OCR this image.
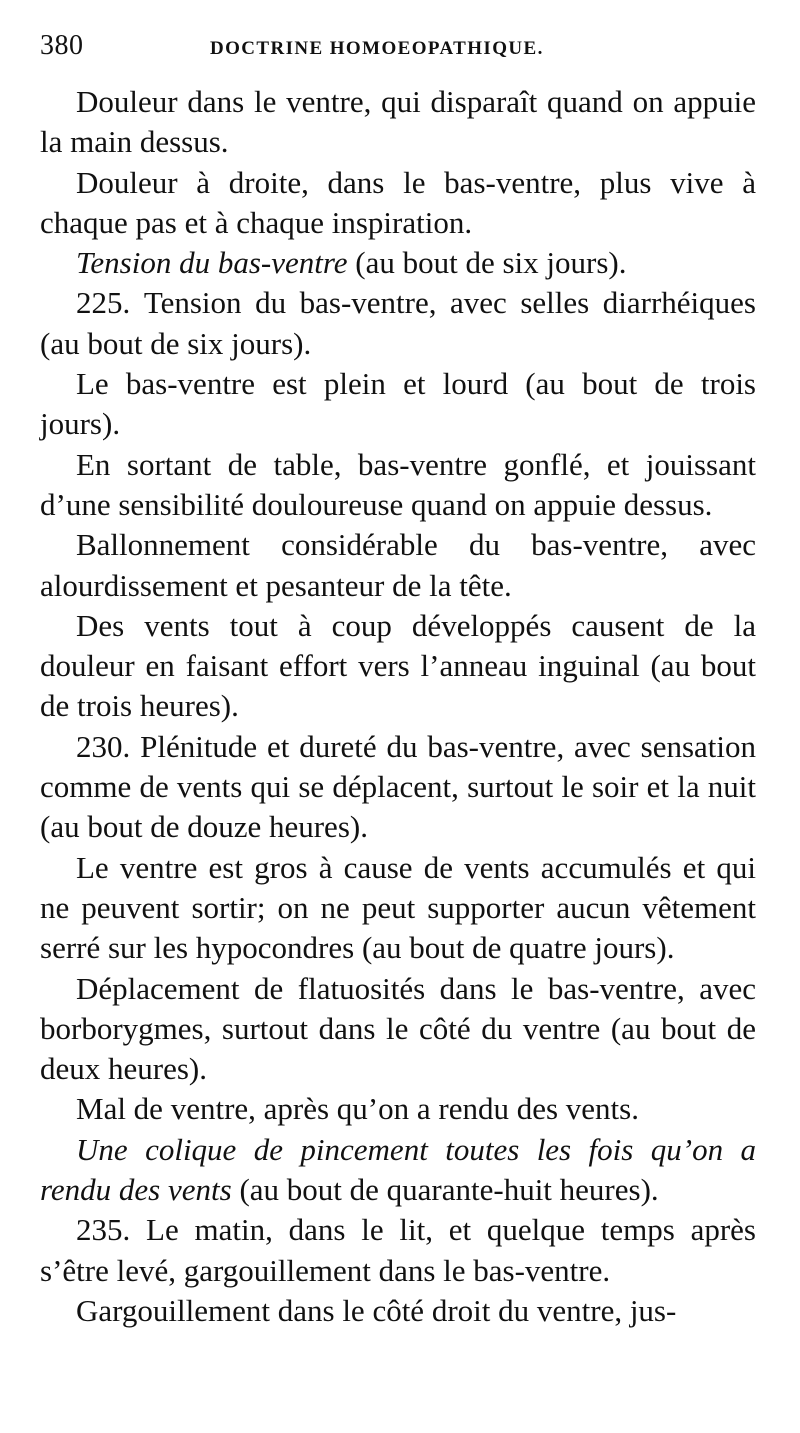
380	DOCTRINE HOMOEOPATHIQUE.

Douleur dans le ventre, qui disparaît quand on appuie la main dessus.

Douleur à droite, dans le bas-ventre, plus vive à chaque pas et à chaque inspiration.

Tension du bas-ventre (au bout de six jours).

225. Tension du bas-ventre, avec selles diarrhéiques (au bout de six jours).

Le bas-ventre est plein et lourd (au bout de trois jours).

En sortant de table, bas-ventre gonflé, et jouissant d’une sensibilité douloureuse quand on appuie dessus.

Ballonnement considérable du bas-ventre, avec alourdissement et pesanteur de la tête.

Des vents tout à coup développés causent de la douleur en faisant effort vers l’anneau inguinal (au bout de trois heures).

230. Plénitude et dureté du bas-ventre, avec sensation comme de vents qui se déplacent, surtout le soir et la nuit (au bout de douze heures).

Le ventre est gros à cause de vents accumulés et qui ne peuvent sortir; on ne peut supporter aucun vêtement serré sur les hypocondres (au bout de quatre jours).

Déplacement de flatuosités dans le bas-ventre, avec borborygmes, surtout dans le côté du ventre (au bout de deux heures).

Mal de ventre, après qu’on a rendu des vents.

Une colique de pincement toutes les fois qu’on a rendu des vents (au bout de quarante-huit heures).

235. Le matin, dans le lit, et quelque temps après s’être levé, gargouillement dans le bas-ventre.

Gargouillement dans le côté droit du ventre, jus-
